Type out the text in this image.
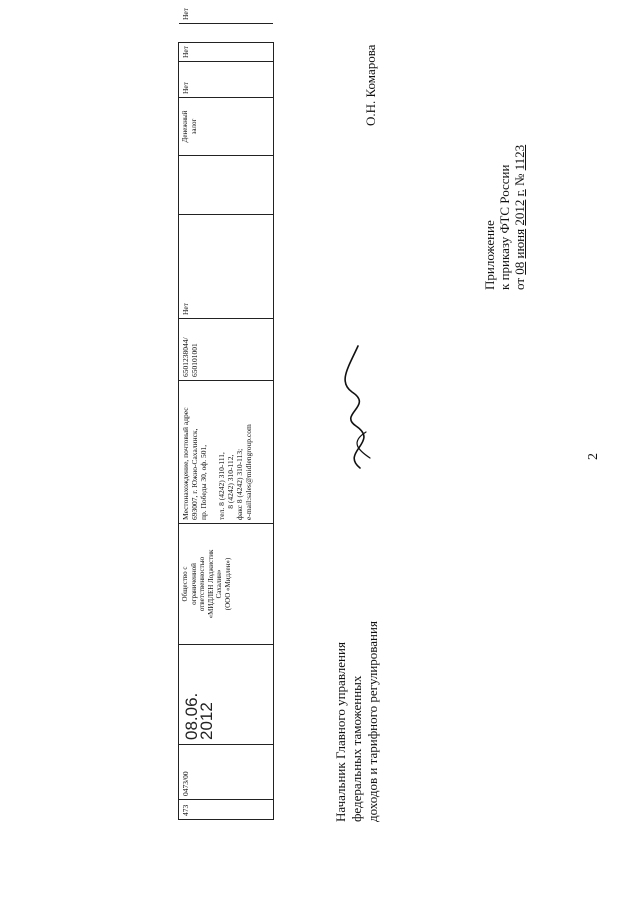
2
Приложение к приказу ФТС России от 08 июня 2012 г. № 1123
473
0473/00
08.06.
2012
Общество с
ограниченной
ответственностью
«МИДЛЕН Лоджистик
Сахалин»
(ООО «Мидлен»)
Местонахождение, почтовый адрес
693007, г. Южно-Сахалинск,
пр. Победы 30, оф. 501,

тел. 8 (4242) 310-111,
8 (4242) 310-112,
факс 8 (4242) 310-113;
e-mail:sales@midlengroup.com
6501238044/
650101001
Нет
Денежный
залог
Нет
Нет
Нет
Начальник Главного управления федеральных таможенных доходов и тарифного регулирования
О.Н. Комарова
